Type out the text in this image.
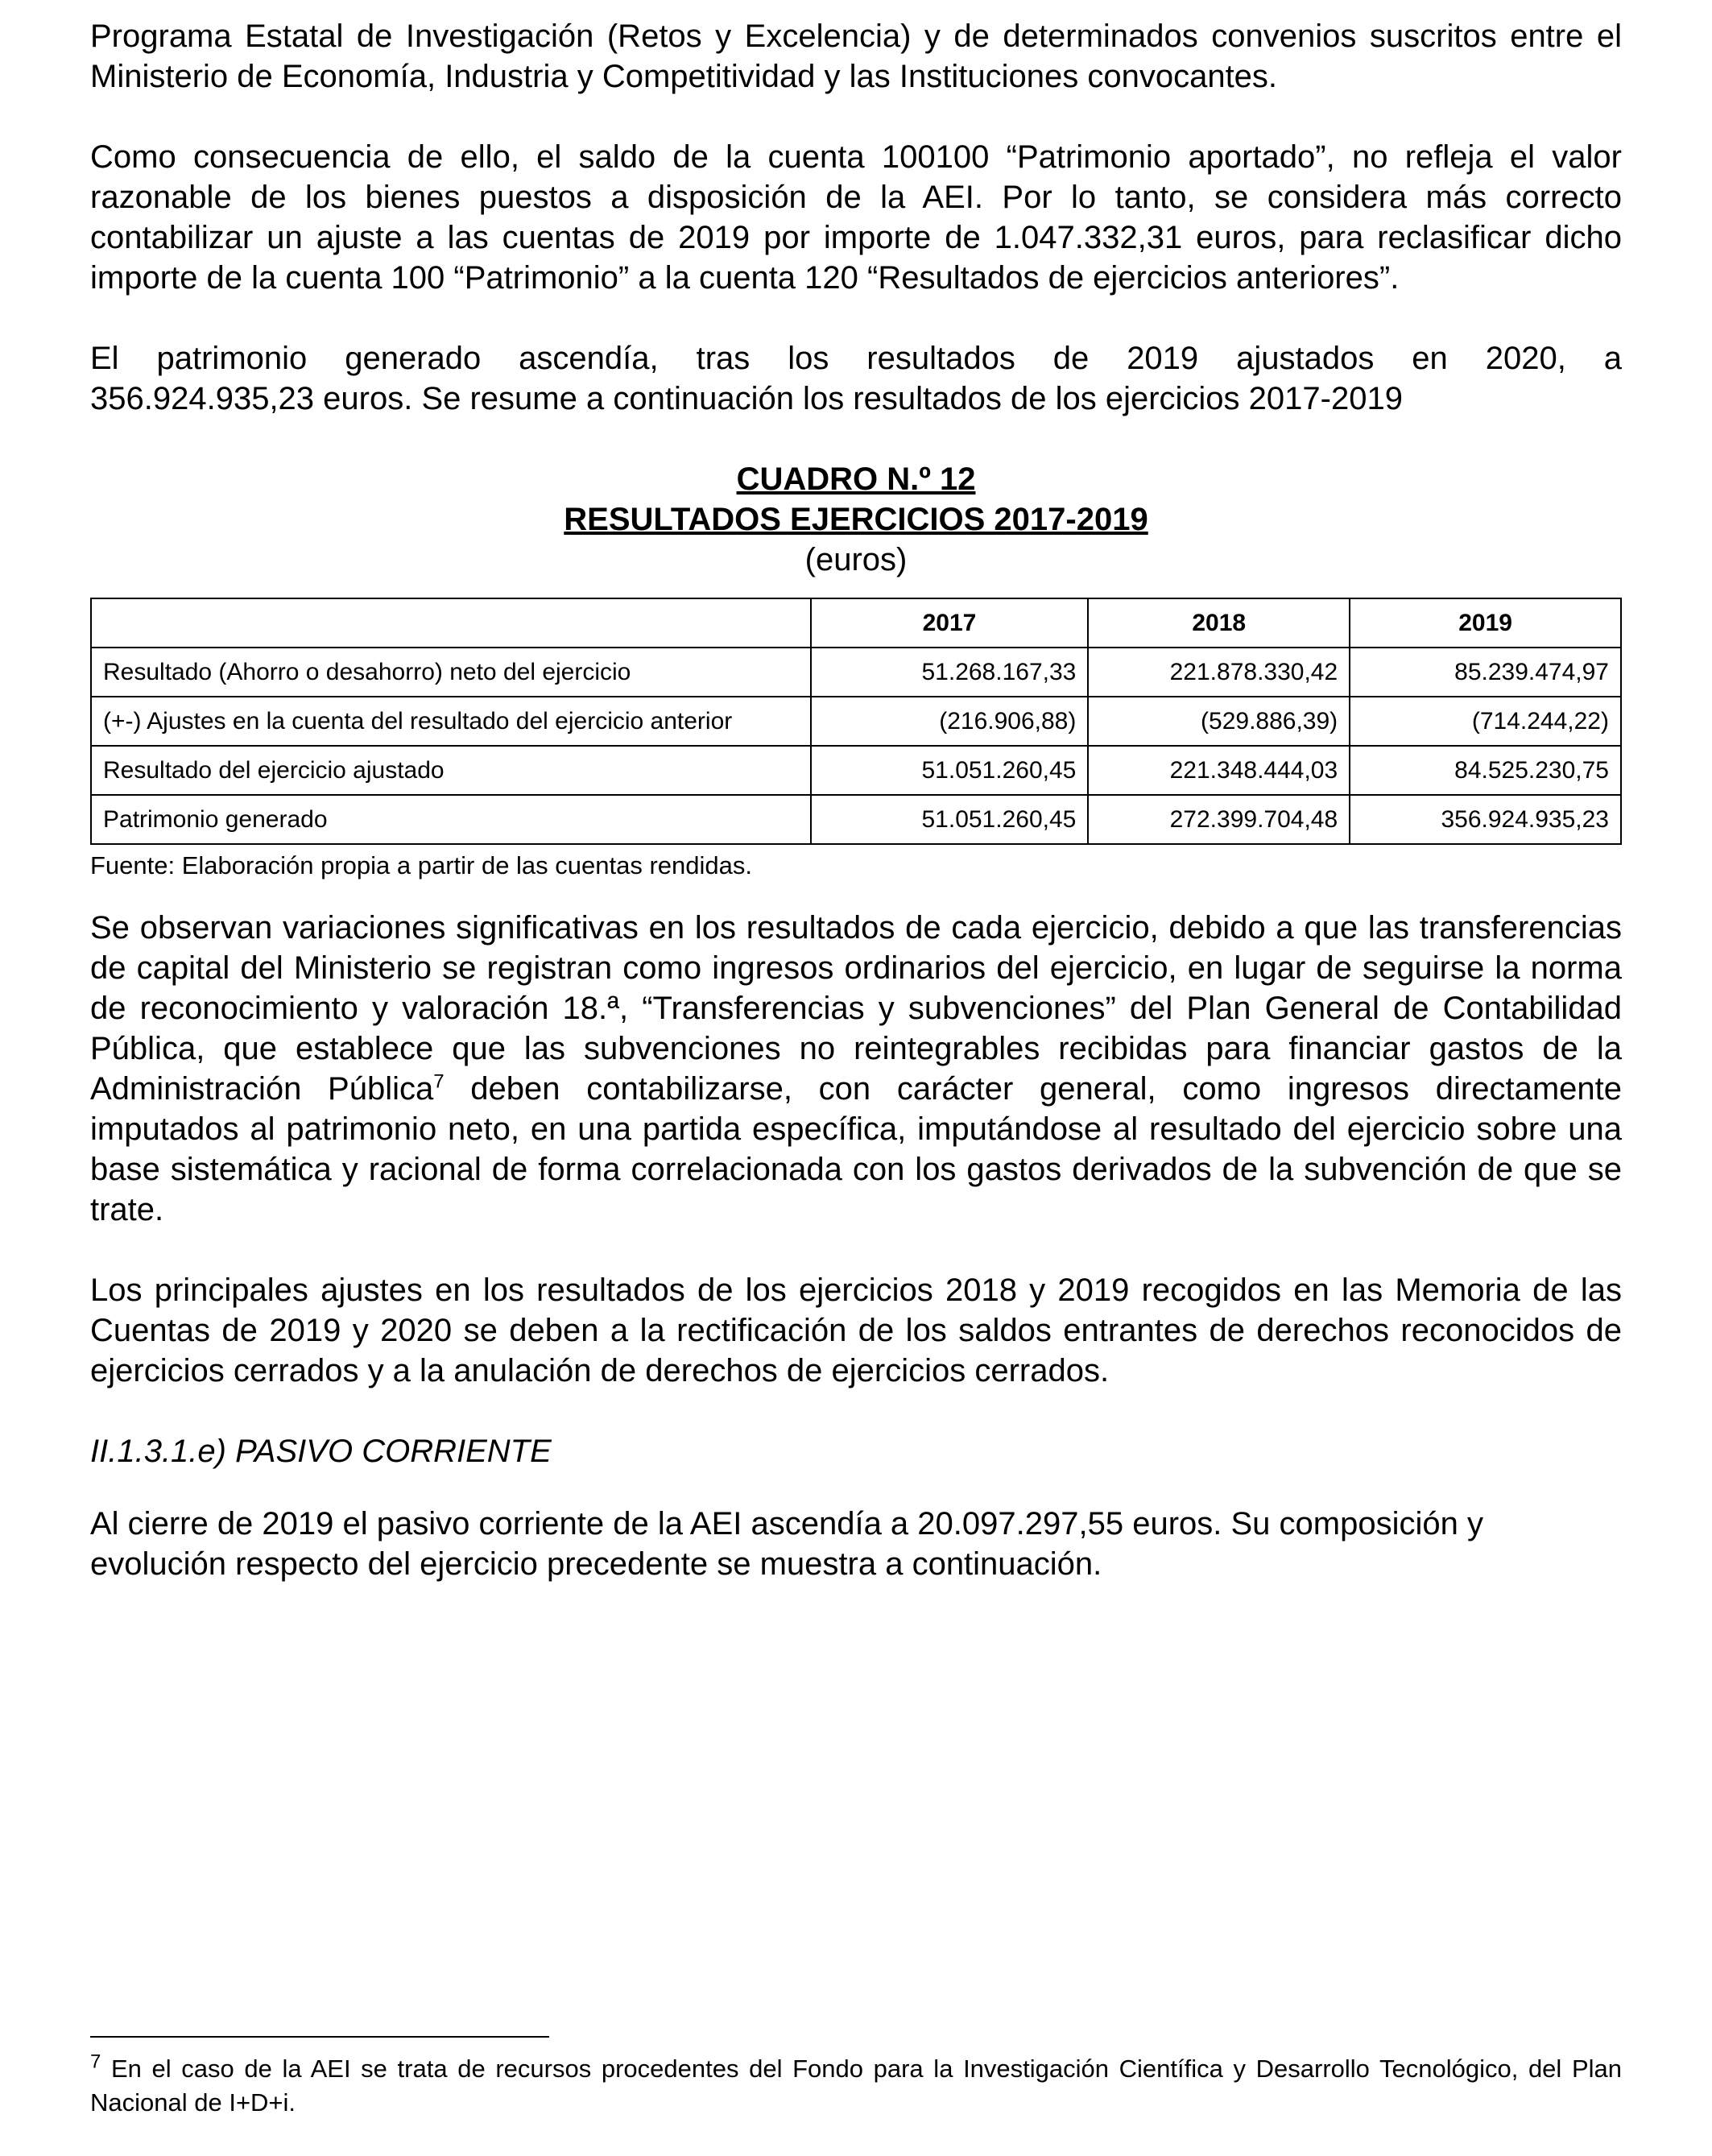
Programa Estatal de Investigación (Retos y Excelencia) y de determinados convenios suscritos entre el Ministerio de Economía, Industria y Competitividad y las Instituciones convocantes.

Como consecuencia de ello, el saldo de la cuenta 100100 “Patrimonio aportado”, no refleja el valor razonable de los bienes puestos a disposición de la AEI. Por lo tanto, se considera más correcto contabilizar un ajuste a las cuentas de 2019 por importe de 1.047.332,31 euros, para reclasificar dicho importe de la cuenta 100 “Patrimonio” a la cuenta 120 “Resultados de ejercicios anteriores”.

El patrimonio generado ascendía, tras los resultados de 2019 ajustados en 2020, a
356.924.935,23 euros. Se resume a continuación los resultados de los ejercicios 2017-2019
CUADRO N.º 12
RESULTADOS EJERCICIOS 2017-2019
(euros)
	2017	2018	2019
Resultado (Ahorro o desahorro) neto del ejercicio	51.268.167,33	221.878.330,42	85.239.474,97
(+-) Ajustes en la cuenta del resultado del ejercicio anterior	(216.906,88)	(529.886,39)	(714.244,22)
Resultado del ejercicio ajustado	51.051.260,45	221.348.444,03	84.525.230,75
Patrimonio generado	51.051.260,45	272.399.704,48	356.924.935,23
Fuente: Elaboración propia a partir de las cuentas rendidas.

Se observan variaciones significativas en los resultados de cada ejercicio, debido a que las transferencias de capital del Ministerio se registran como ingresos ordinarios del ejercicio, en lugar de seguirse la norma de reconocimiento y valoración 18.ª, “Transferencias y subvenciones” del Plan General de Contabilidad Pública, que establece que las subvenciones no reintegrables recibidas para financiar gastos de la Administración Pública$^7$ deben contabilizarse, con carácter general, como ingresos directamente imputados al patrimonio neto, en una partida específica, imputándose al resultado del ejercicio sobre una base sistemática y racional de forma correlacionada con los gastos derivados de la subvención de que se trate.

Los principales ajustes en los resultados de los ejercicios 2018 y 2019 recogidos en las Memoria de las Cuentas de 2019 y 2020 se deben a la rectificación de los saldos entrantes de derechos reconocidos de ejercicios cerrados y a la anulación de derechos de ejercicios cerrados.

II.1.3.1.e) PASIVO CORRIENTE

Al cierre de 2019 el pasivo corriente de la AEI ascendía a 20.097.297,55 euros. Su composición y evolución respecto del ejercicio precedente se muestra a continuación.

$^7$ En el caso de la AEI se trata de recursos procedentes del Fondo para la Investigación Científica y Desarrollo Tecnológico, del Plan Nacional de I+D+i.
